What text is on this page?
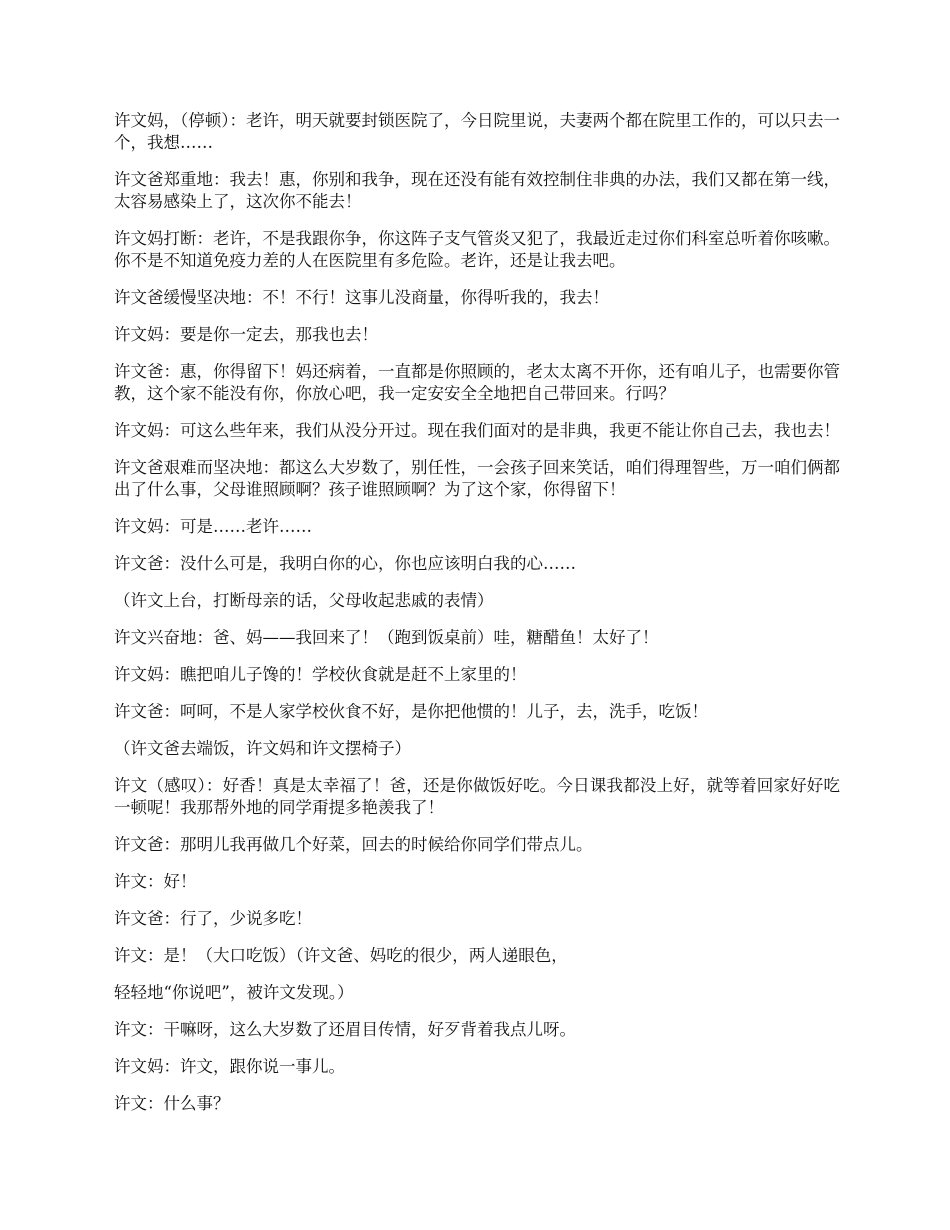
许文妈，（停顿）：老许，明天就要封锁医院了，今日院里说，夫妻两个都在院里工作的，可以只去一个，我想……

许文爸郑重地：我去！惠，你别和我争，现在还没有能有效控制住非典的办法，我们又都在第一线，太容易感染上了，这次你不能去！

许文妈打断：老许，不是我跟你争，你这阵子支气管炎又犯了，我最近走过你们科室总听着你咳嗽。你不是不知道免疫力差的人在医院里有多危险。老许，还是让我去吧。

许文爸缓慢坚决地：不！不行！这事儿没商量，你得听我的，我去！

许文妈：要是你一定去，那我也去！

许文爸：惠，你得留下！妈还病着，一直都是你照顾的，老太太离不开你，还有咱儿子，也需要你管教，这个家不能没有你，你放心吧，我一定安安全全地把自己带回来。行吗？

许文妈：可这么些年来，我们从没分开过。现在我们面对的是非典，我更不能让你自己去，我也去！

许文爸艰难而坚决地：都这么大岁数了，别任性，一会孩子回来笑话，咱们得理智些，万一咱们俩都出了什么事，父母谁照顾啊？孩子谁照顾啊？为了这个家，你得留下！

许文妈：可是……老许……

许文爸：没什么可是，我明白你的心，你也应该明白我的心……

（许文上台，打断母亲的话，父母收起悲戚的表情）

许文兴奋地：爸、妈——我回来了！（跑到饭桌前）哇，糖醋鱼！太好了！

许文妈：瞧把咱儿子馋的！学校伙食就是赶不上家里的！

许文爸：呵呵，不是人家学校伙食不好，是你把他惯的！儿子，去，洗手，吃饭！

（许文爸去端饭，许文妈和许文摆椅子）

许文（感叹）：好香！真是太幸福了！爸，还是你做饭好吃。今日课我都没上好，就等着回家好好吃一顿呢！我那帮外地的同学甭提多艳羡我了！

许文爸：那明儿我再做几个好菜，回去的时候给你同学们带点儿。

许文：好！

许文爸：行了，少说多吃！

许文：是！（大口吃饭）（许文爸、妈吃的很少，两人递眼色，

轻轻地“你说吧”，被许文发现。）

许文：干嘛呀，这么大岁数了还眉目传情，好歹背着我点儿呀。

许文妈：许文，跟你说一事儿。

许文：什么事？
